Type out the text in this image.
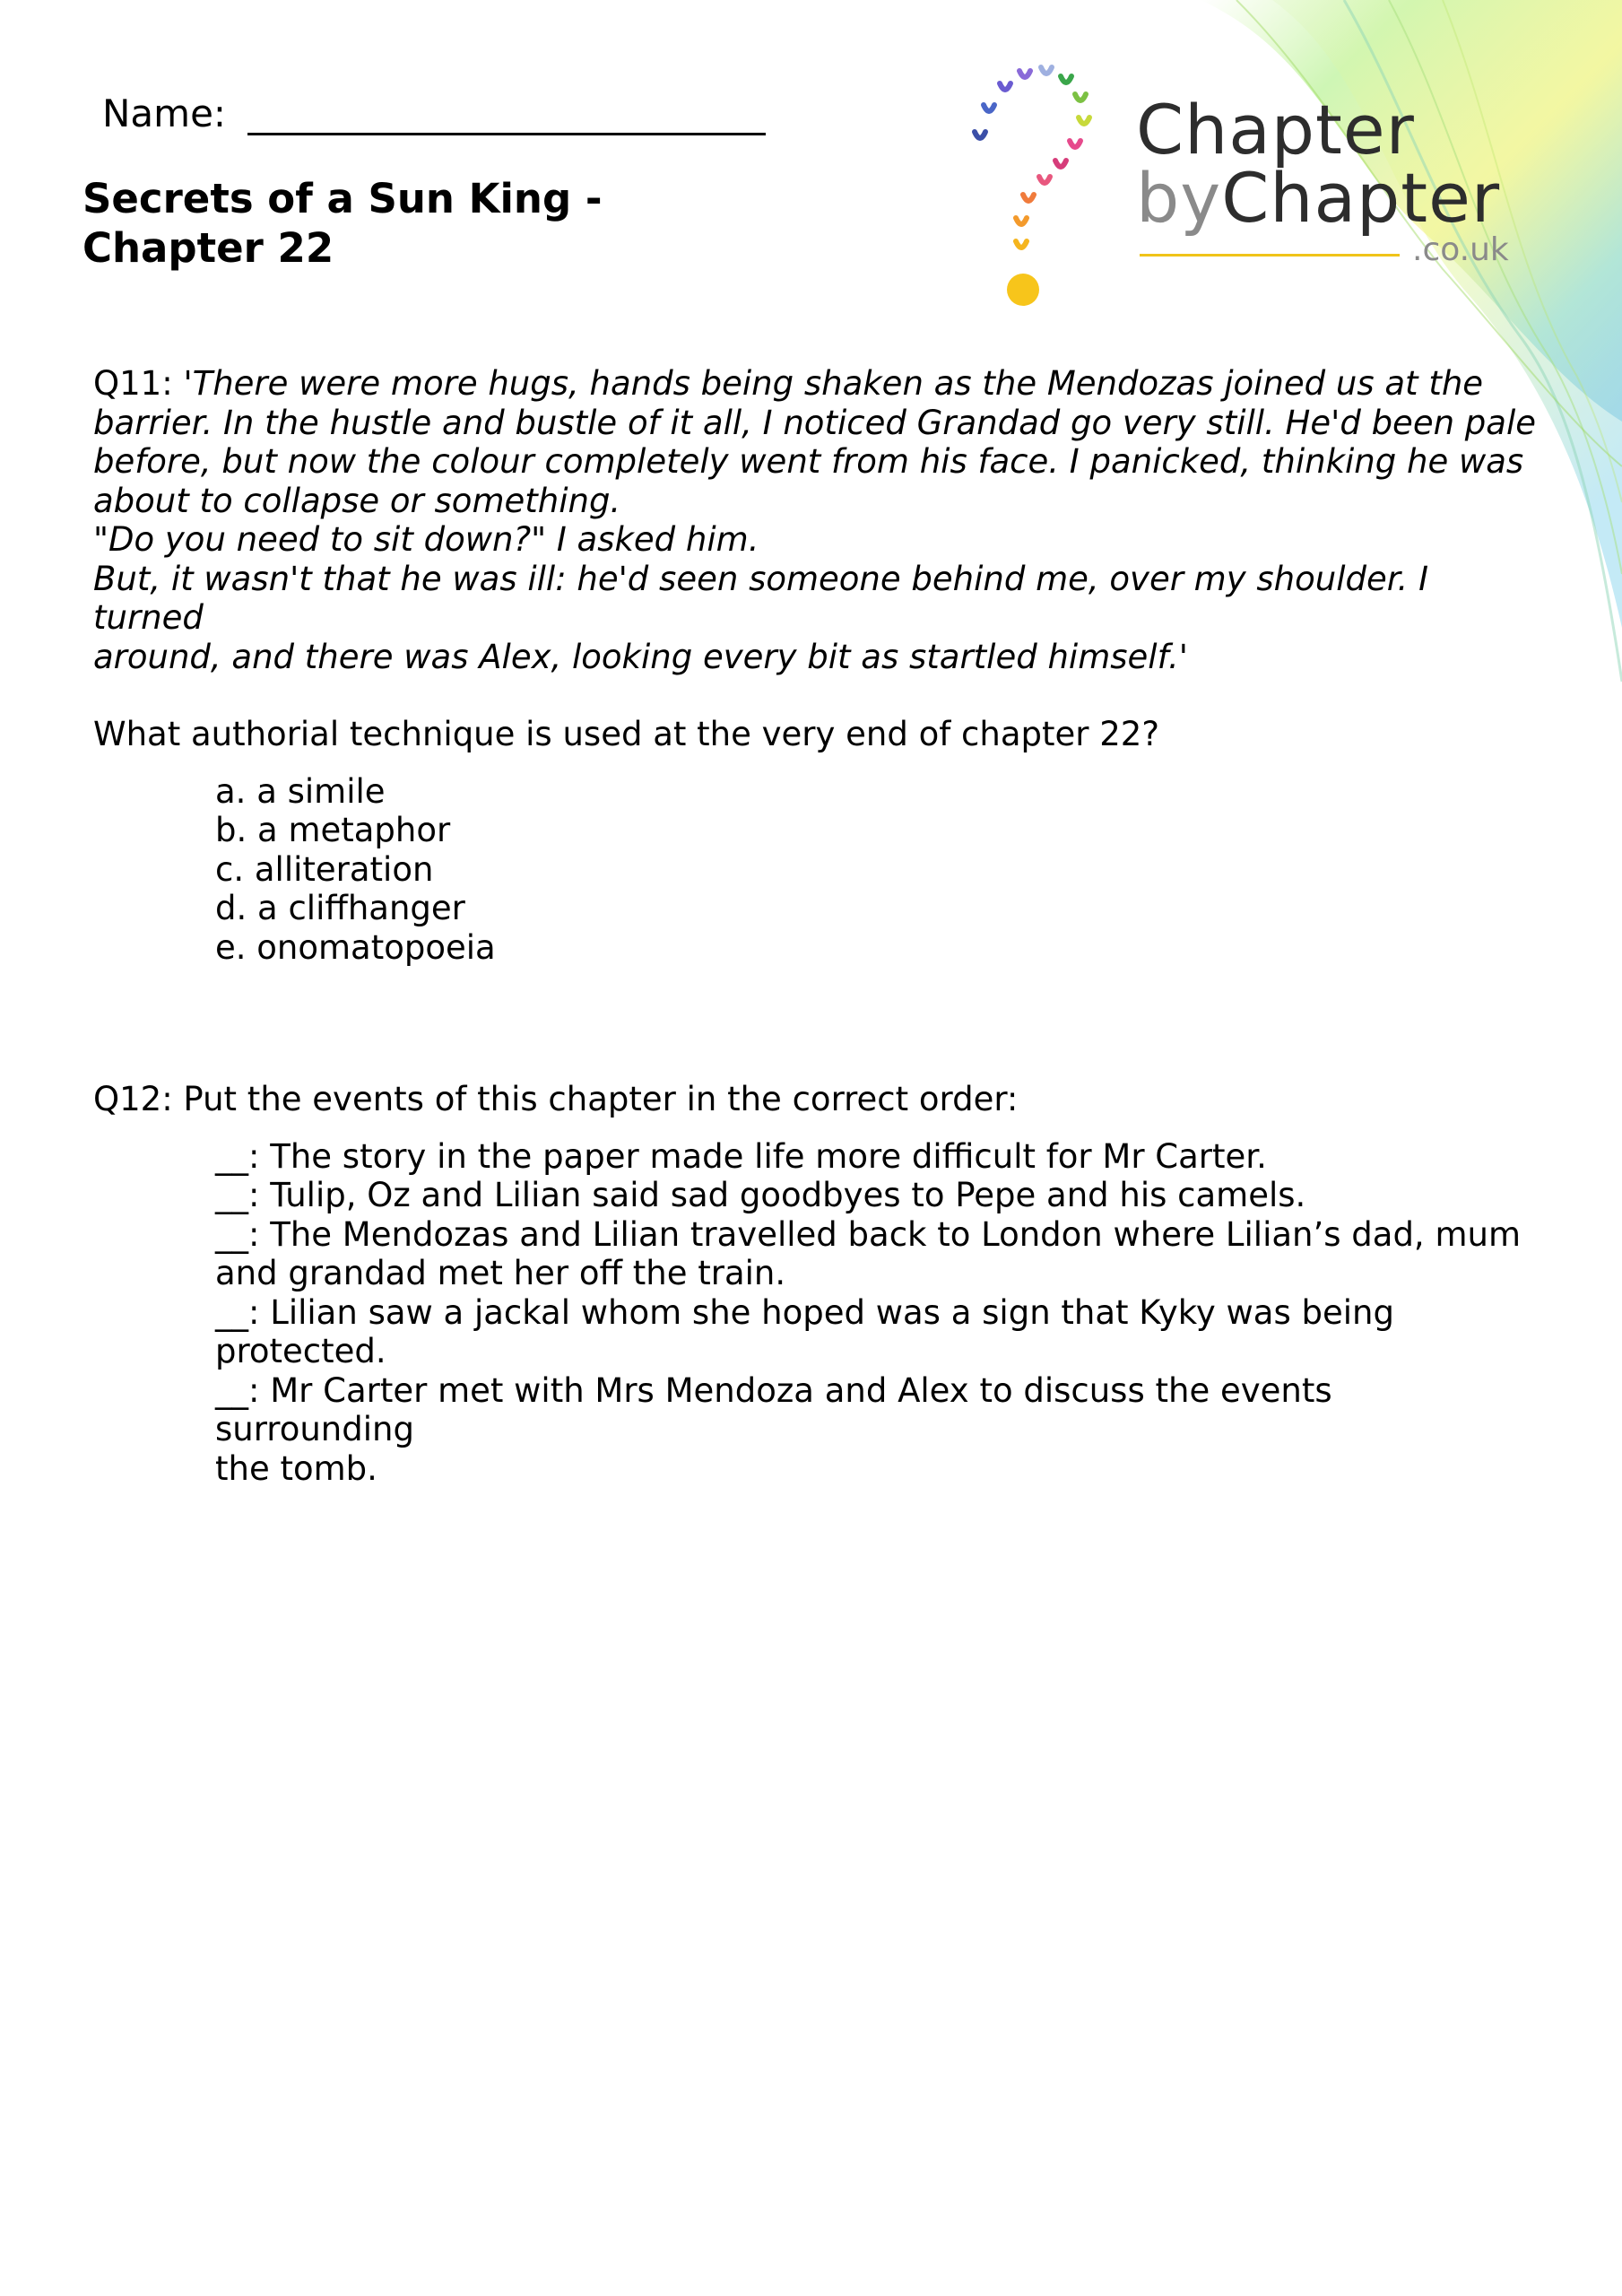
Name:
Secrets of a Sun King -
Chapter 22
Chapter
byChapter
.co.uk
Q11: 'There were more hugs, hands being shaken as the Mendozas joined us at the
barrier. In the hustle and bustle of it all, I noticed Grandad go very still. He'd been pale
before, but now the colour completely went from his face. I panicked, thinking he was
about to collapse or something.
"Do you need to sit down?" I asked him.
But, it wasn't that he was ill: he'd seen someone behind me, over my shoulder. I turned
around, and there was Alex, looking every bit as startled himself.'
What authorial technique is used at the very end of chapter 22?
a. a simile
b. a metaphor
c. alliteration
d. a cliffhanger
e. onomatopoeia
Q12: Put the events of this chapter in the correct order:
__: The story in the paper made life more difficult for Mr Carter.
__: Tulip, Oz and Lilian said sad goodbyes to Pepe and his camels.
__: The Mendozas and Lilian travelled back to London where Lilian’s dad, mum
and grandad met her off the train.
__: Lilian saw a jackal whom she hoped was a sign that Kyky was being
protected.
__: Mr Carter met with Mrs Mendoza and Alex to discuss the events surrounding
the tomb.
